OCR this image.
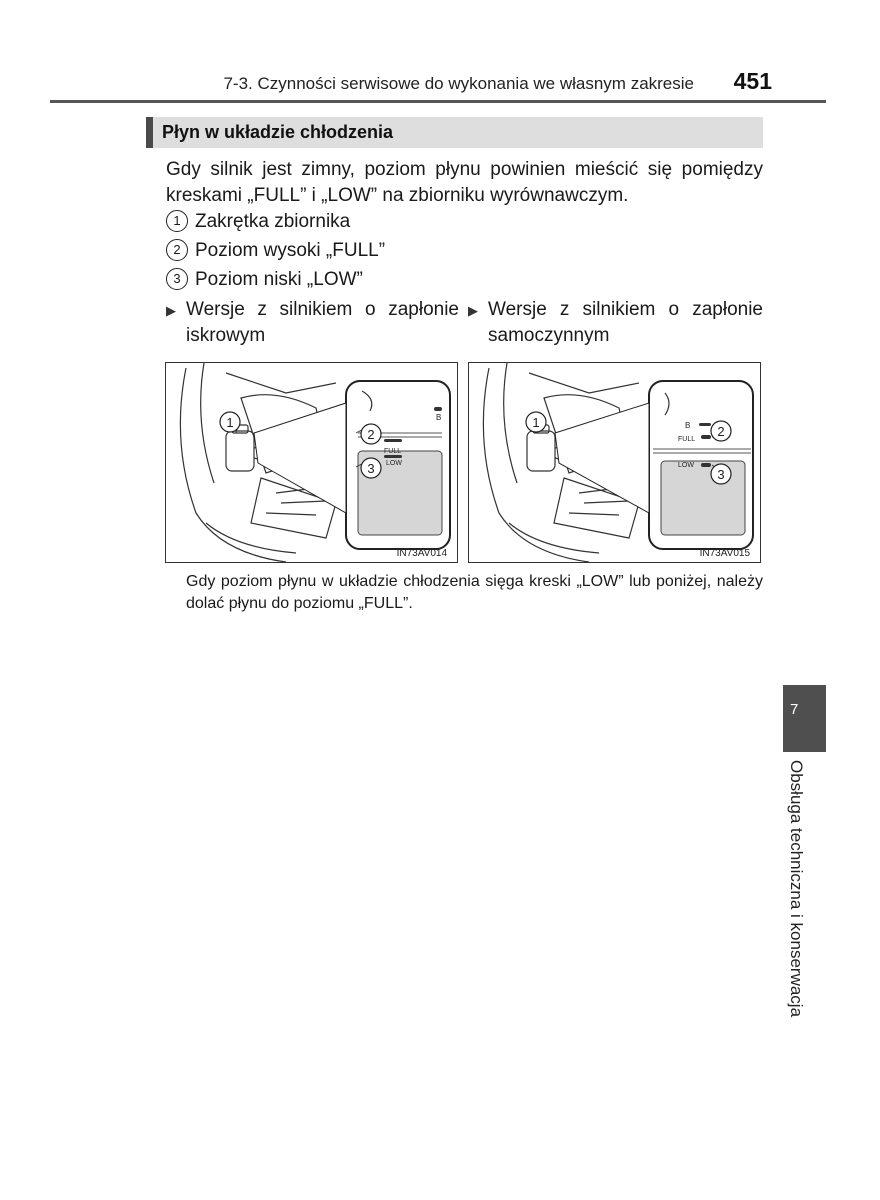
7-3. Czynności serwisowe do wykonania we własnym zakresie 451
Płyn w układzie chłodzenia

Gdy silnik jest zimny, poziom płynu powinien mieścić się pomiędzy kreskami „FULL” i „LOW” na zbiorniku wyrównawczym.

1 Zakrętka zbiornika
2 Poziom wysoki „FULL”
3 Poziom niski „LOW”
▶ Wersje z silnikiem o zapłonie iskrowym
▶ Wersje z silnikiem o zapłonie samoczynnym
B
FULL
LOW
1
2
3
IN73AV014
B
FULL
LOW
1
2
3
IN73AV015

Gdy poziom płynu w układzie chłodzenia sięga kreski „LOW” lub poniżej, należy dolać płynu do poziomu „FULL”.

7
Obsługa techniczna i konserwacja
